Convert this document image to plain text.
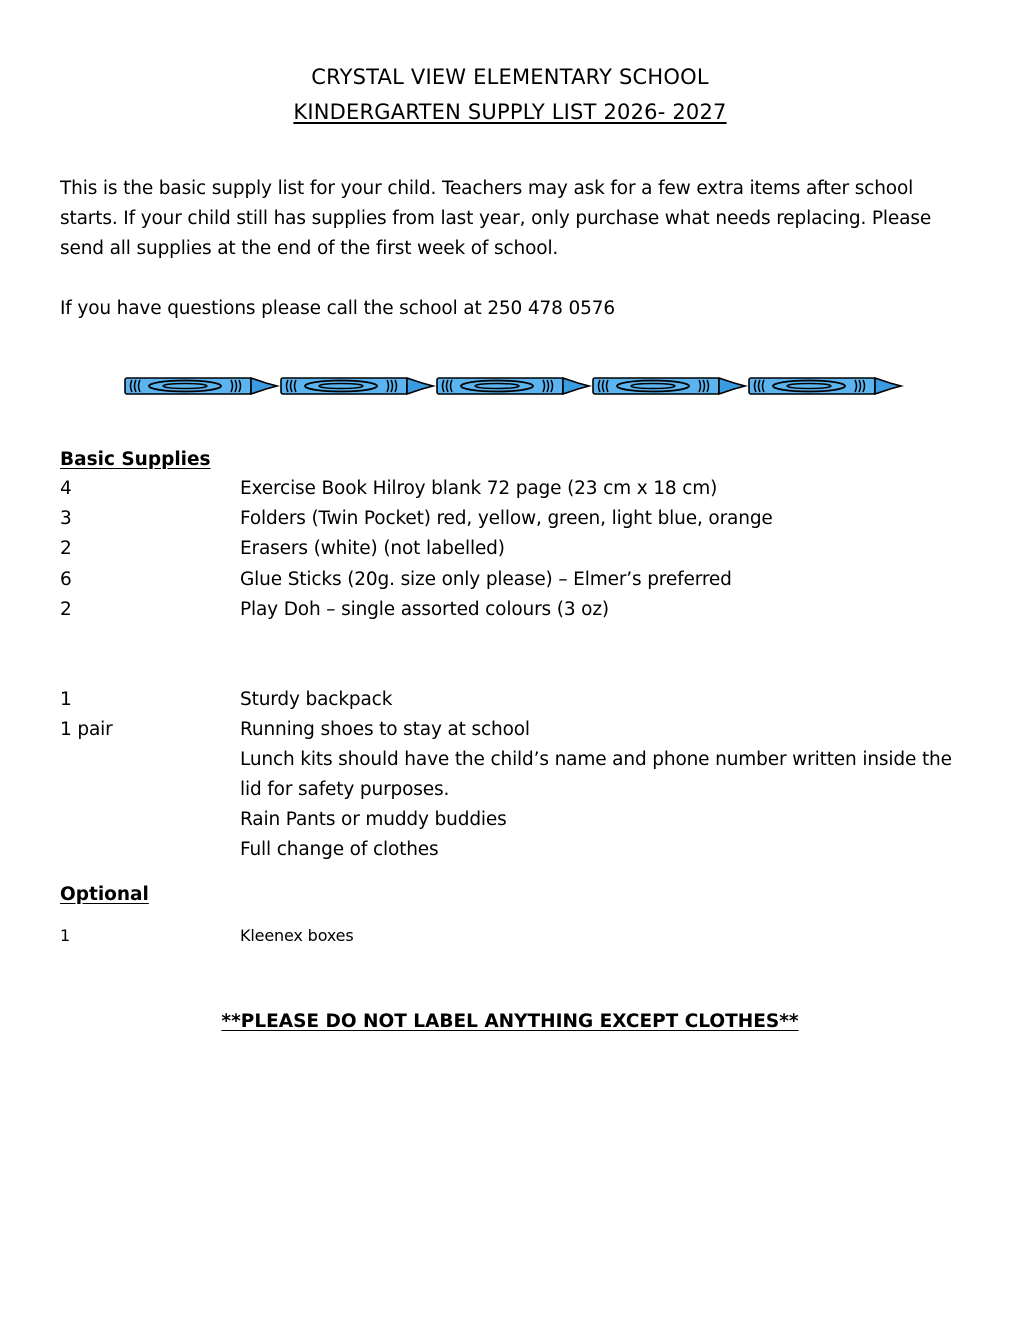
CRYSTAL VIEW ELEMENTARY SCHOOL
KINDERGARTEN SUPPLY LIST 2026- 2027
This is the basic supply list for your child. Teachers may ask for a few extra items after school starts. If your child still has supplies from last year, only purchase what needs replacing. Please send all supplies at the end of the first week of school.
If you have questions please call the school at 250 478 0576
Basic Supplies
4	Exercise Book Hilroy blank 72 page (23 cm x 18 cm)
3	Folders (Twin Pocket) red, yellow, green, light blue, orange
2	Erasers (white) (not labelled)
6	Glue Sticks (20g. size only please) – Elmer’s preferred
2	Play Doh – single assorted colours (3 oz)
1	Sturdy backpack
1 pair	Running shoes to stay at school
Lunch kits should have the child’s name and phone number written inside the
lid for safety purposes.
Rain Pants or muddy buddies
Full change of clothes
Optional
1	Kleenex boxes
**PLEASE DO NOT LABEL ANYTHING EXCEPT CLOTHES**
